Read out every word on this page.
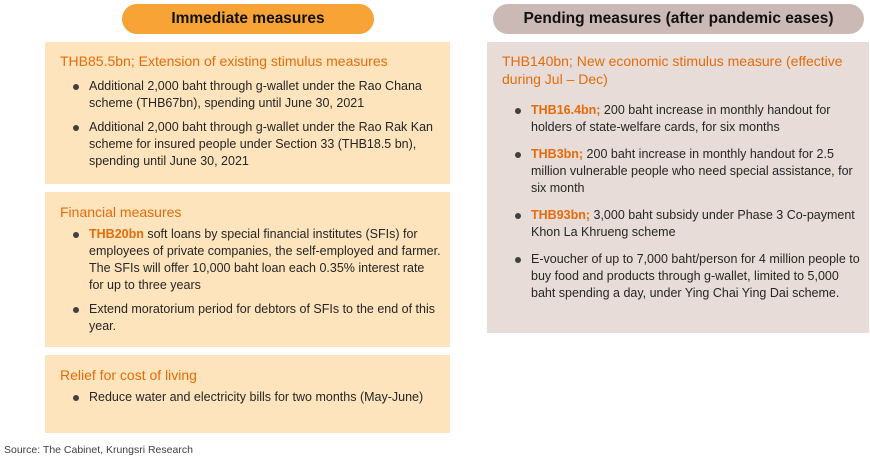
Immediate measures	Pending measures (after pandemic eases)
THB85.5bn; Extension of existing stimulus measures
Additional 2,000 baht through g-wallet under the Rao Chana scheme (THB67bn), spending until June 30, 2021
Additional 2,000 baht through g-wallet under the Rao Rak Kan scheme for insured people under Section 33 (THB18.5 bn), spending until June 30, 2021
Financial measures
THB20bn soft loans by special financial institutes (SFIs) for employees of private companies, the self-employed and farmer. The SFIs will offer 10,000 baht loan each 0.35% interest rate for up to three years
Extend moratorium period for debtors of SFIs to the end of this year.
Relief for cost of living
Reduce water and electricity bills for two months (May-June)
THB140bn; New economic stimulus measure (effective during Jul – Dec)
THB16.4bn; 200 baht increase in monthly handout for holders of state-welfare cards, for six months
THB3bn; 200 baht increase in monthly handout for 2.5 million vulnerable people who need special assistance, for six month
THB93bn; 3,000 baht subsidy under Phase 3 Co-payment Khon La Khrueng scheme
E-voucher of up to 7,000 baht/person for 4 million people to buy food and products through g-wallet, limited to 5,000 baht spending a day, under Ying Chai Ying Dai scheme.
Source: The Cabinet, Krungsri Research
